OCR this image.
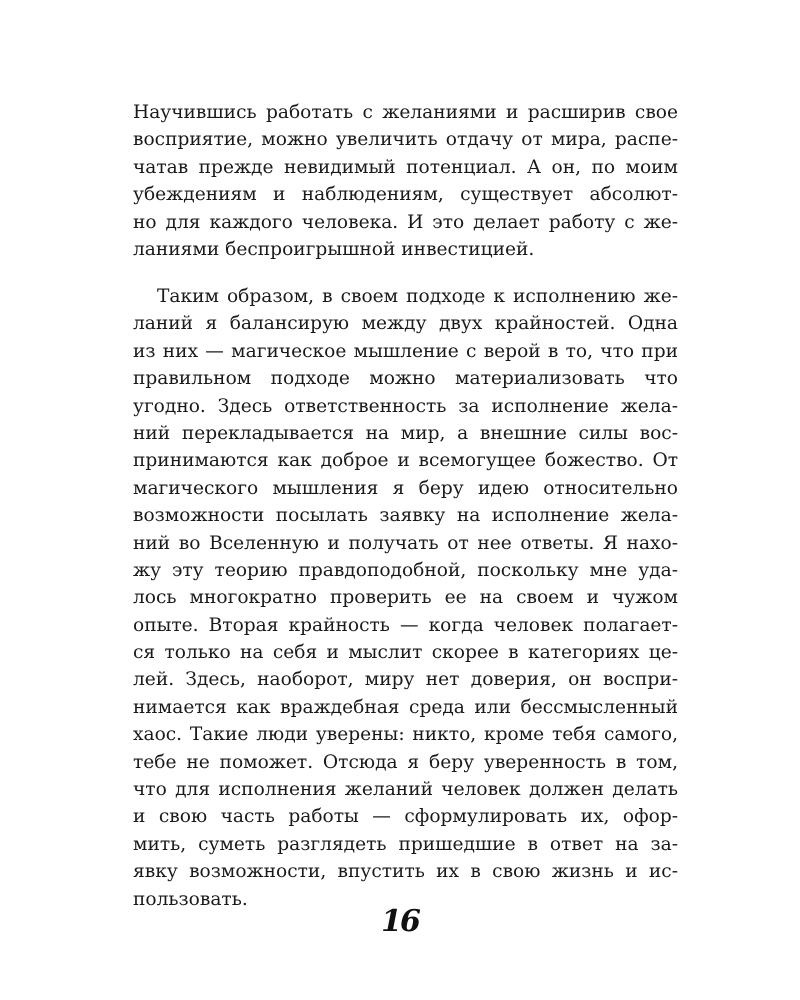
Научившись работать с желаниями и расширив свое
восприятие, можно увеличить отдачу от мира, распе-
чатав прежде невидимый потенциал. А он, по моим
убеждениям и наблюдениям, существует абсолют-
но для каждого человека. И это делает работу с же-
ланиями беспроигрышной инвестицией.
Таким образом, в своем подходе к исполнению же-
ланий я балансирую между двух крайностей. Одна
из них — магическое мышление с верой в то, что при
правильном подходе можно материализовать что
угодно. Здесь ответственность за исполнение жела-
ний перекладывается на мир, а внешние силы вос-
принимаются как доброе и всемогущее божество. От
магического мышления я беру идею относительно
возможности посылать заявку на исполнение жела-
ний во Вселенную и получать от нее ответы. Я нахо-
жу эту теорию правдоподобной, поскольку мне уда-
лось многократно проверить ее на своем и чужом
опыте. Вторая крайность — когда человек полагает-
ся только на себя и мыслит скорее в категориях це-
лей. Здесь, наоборот, миру нет доверия, он воспри-
нимается как враждебная среда или бессмысленный
хаос. Такие люди уверены: никто, кроме тебя самого,
тебе не поможет. Отсюда я беру уверенность в том,
что для исполнения желаний человек должен делать
и свою часть работы — сформулировать их, офор-
мить, суметь разглядеть пришедшие в ответ на за-
явку возможности, впустить их в свою жизнь и ис-
пользовать.
16
